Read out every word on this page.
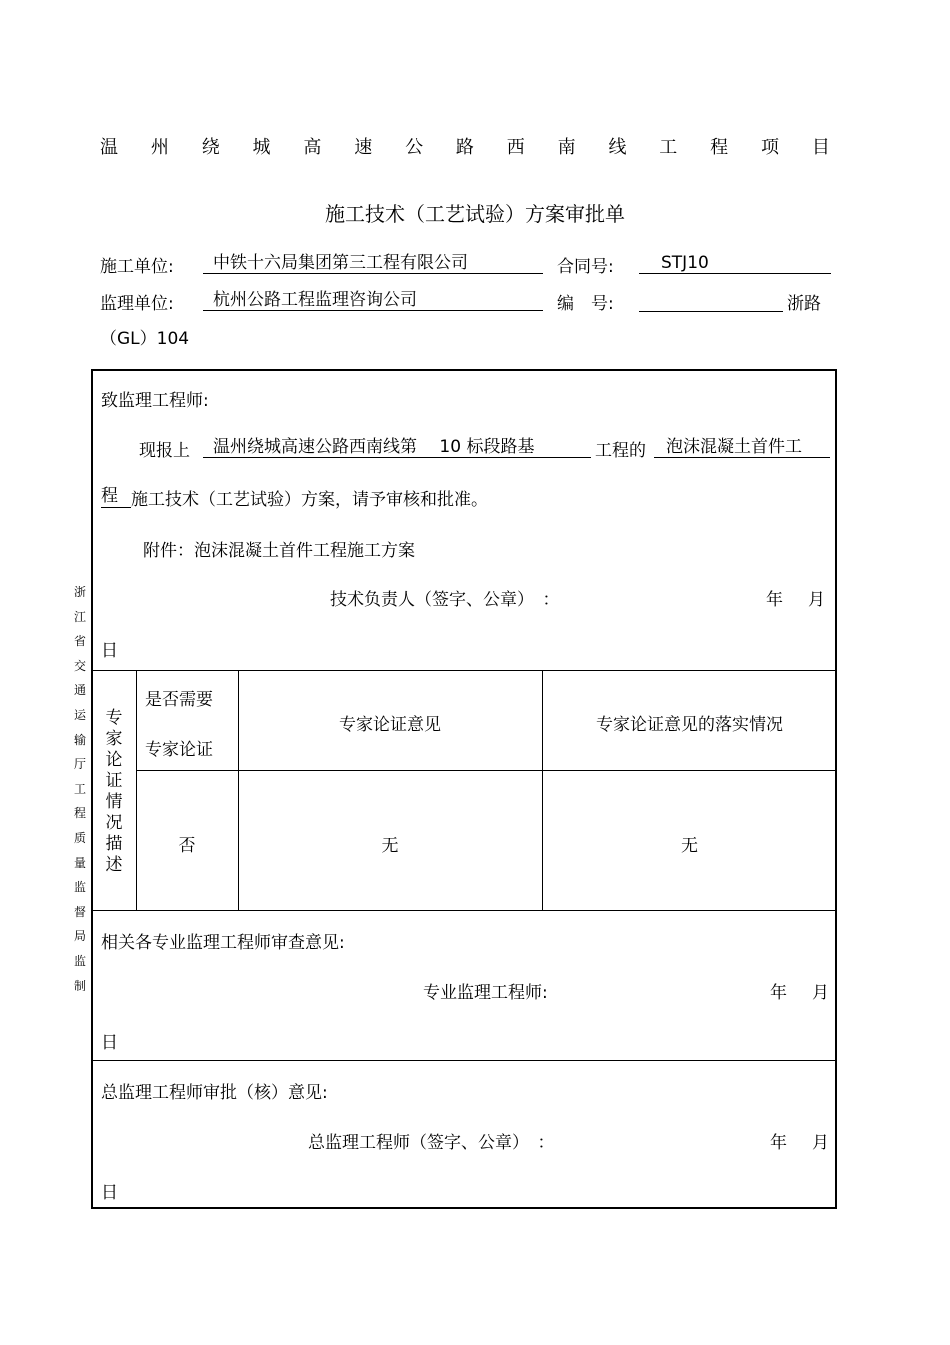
温 州 绕 城 高 速 公 路 西 南 线 工 程 项 目
施工技术（工艺试验）方案审批单
施工单位:	中铁十六局集团第三工程有限公司	合同号:	STJ10
监理单位:	杭州公路工程监理咨询公司	编　号:	浙路
（GL）104
浙
江
省
交
通
运
输
厅
工
程
质
量
监
督
局
监
制
致监理工程师:
现报上	温州绕城高速公路西南线第　 10 标段路基	工程的	泡沫混凝土首件工
程 施工技术（工艺试验）方案，请予审核和批准。
附件：泡沫混凝土首件工程施工方案
技术负责人（签字、公章）　：	年 月
日
专
家
论
证
情
况
描
述
是否需要
专家论证
专家论证意见	专家论证意见的落实情况
否	无	无
相关各专业监理工程师审查意见:
专业监理工程师:	年 月
日
总监理工程师审批（核）意见:
总监理工程师（签字、公章）　：	年 月
日
